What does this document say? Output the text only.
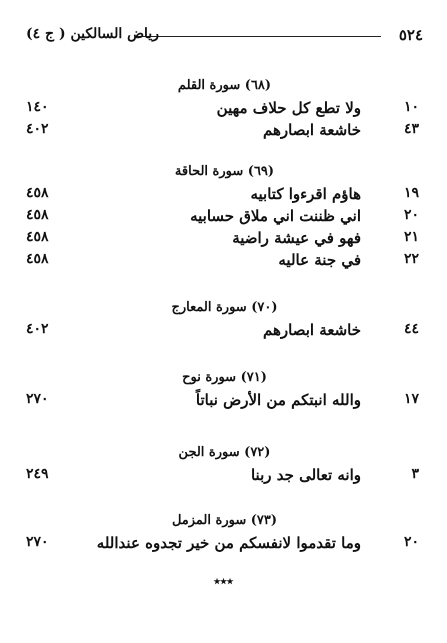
٥٢٤
رياض السالكين ( ج ٤)
(٦٨) سورة القلم
١٠
ولا تطع كل حلاف مهين
١٤٠
٤٣
خاشعة ابصارهم
٤٠٢
(٦٩) سورة الحاقة
١٩
هاؤم اقرءوا كتابيه
٤٥٨
٢٠
اني ظننت اني ملاق حسابيه
٤٥٨
٢١
فهو في عيشة راضية
٤٥٨
٢٢
في جنة عاليه
٤٥٨
(٧٠) سورة المعارج
٤٤
خاشعة ابصارهم
٤٠٢
(٧١) سورة نوح
١٧
والله انبتكم من الأرض نباتاً
٢٧٠
(٧٢) سورة الجن
٣
وانه تعالى جد ربنا
٢٤٩
(٧٣) سورة المزمل
٢٠
وما تقدموا لانفسكم من خير تجدوه عندالله
٢٧٠
٭٭٭
